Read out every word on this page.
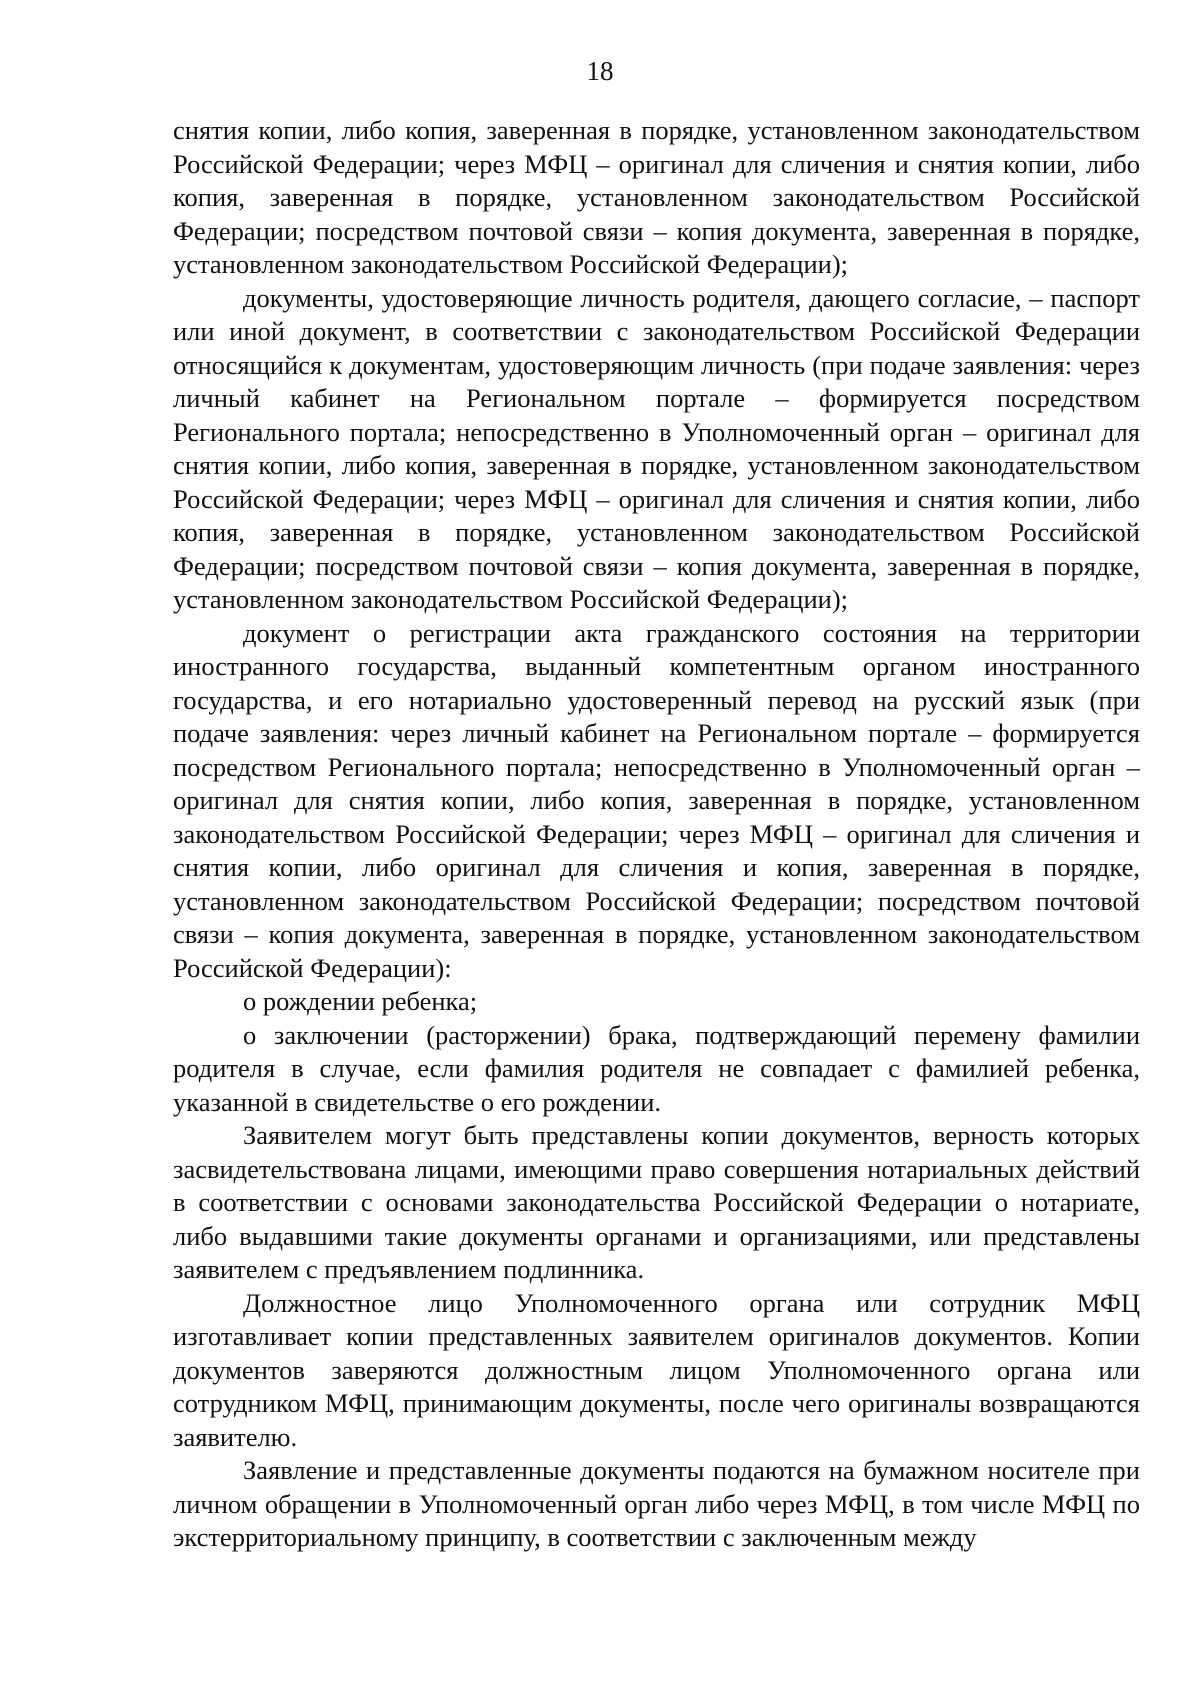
18

снятия копии, либо копия, заверенная в порядке, установленном законодательством Российской Федерации; через МФЦ – оригинал для сличения и снятия копии, либо копия, заверенная в порядке, установленном законодательством Российской Федерации; посредством почтовой связи – копия документа, заверенная в порядке, установленном законодательством Российской Федерации);

документы, удостоверяющие личность родителя, дающего согласие, – паспорт или иной документ, в соответствии с законодательством Российской Федерации относящийся к документам, удостоверяющим личность (при подаче заявления: через личный кабинет на Региональном портале – формируется посредством Регионального портала; непосредственно в Уполномоченный орган – оригинал для снятия копии, либо копия, заверенная в порядке, установленном законодательством Российской Федерации; через МФЦ – оригинал для сличения и снятия копии, либо копия, заверенная в порядке, установленном законодательством Российской Федерации; посредством почтовой связи – копия документа, заверенная в порядке, установленном законодательством Российской Федерации);

документ о регистрации акта гражданского состояния на территории иностранного государства, выданный компетентным органом иностранного государства, и его нотариально удостоверенный перевод на русский язык (при подаче заявления: через личный кабинет на Региональном портале – формируется посредством Регионального портала; непосредственно в Уполномоченный орган – оригинал для снятия копии, либо копия, заверенная в порядке, установленном законодательством Российской Федерации; через МФЦ – оригинал для сличения и снятия копии, либо оригинал для сличения и копия, заверенная в порядке, установленном законодательством Российской Федерации; посредством почтовой связи – копия документа, заверенная в порядке, установленном законодательством Российской Федерации):

о рождении ребенка;

о заключении (расторжении) брака, подтверждающий перемену фамилии родителя в случае, если фамилия родителя не совпадает с фамилией ребенка, указанной в свидетельстве о его рождении.

Заявителем могут быть представлены копии документов, верность которых засвидетельствована лицами, имеющими право совершения нотариальных действий в соответствии с основами законодательства Российской Федерации о нотариате, либо выдавшими такие документы органами и организациями, или представлены заявителем с предъявлением подлинника.

Должностное лицо Уполномоченного органа или сотрудник МФЦ изготавливает копии представленных заявителем оригиналов документов. Копии документов заверяются должностным лицом Уполномоченного органа или сотрудником МФЦ, принимающим документы, после чего оригиналы возвращаются заявителю.

Заявление и представленные документы подаются на бумажном носителе при личном обращении в Уполномоченный орган либо через МФЦ, в том числе МФЦ по экстерриториальному принципу, в соответствии с заключенным между
